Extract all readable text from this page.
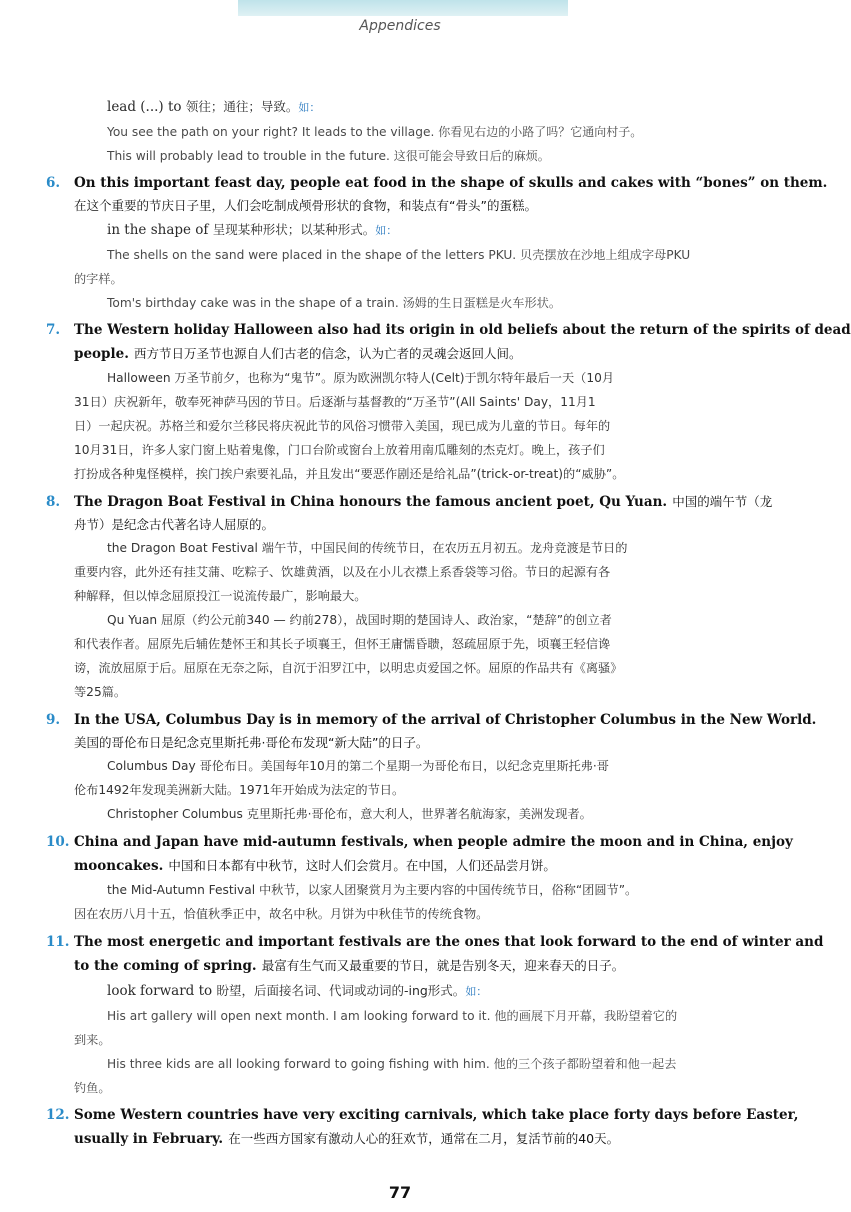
Appendices
lead (...) to 领往；通往；导致。如：
You see the path on your right? It leads to the village. 你看见右边的小路了吗？它通向村子。
This will probably lead to trouble in the future. 这很可能会导致日后的麻烦。
6.	On this important feast day, people eat food in the shape of skulls and cakes with “bones” on them.
在这个重要的节庆日子里，人们会吃制成颅骨形状的食物，和装点有“骨头”的蛋糕。
in the shape of 呈现某种形状；以某种形式。如：
The shells on the sand were placed in the shape of the letters PKU. 贝壳摆放在沙地上组成字母PKU
的字样。
Tom's birthday cake was in the shape of a train. 汤姆的生日蛋糕是火车形状。
7.	The Western holiday Halloween also had its origin in old beliefs about the return of the spirits of dead
people. 西方节日万圣节也源自人们古老的信念，认为亡者的灵魂会返回人间。
Halloween 万圣节前夕，也称为“鬼节”。原为欧洲凯尔特人(Celt)于凯尔特年最后一天（10月
31日）庆祝新年，敬奉死神萨马因的节日。后逐渐与基督教的“万圣节”(All Saints' Day，11月1
日）一起庆祝。苏格兰和爱尔兰移民将庆祝此节的风俗习惯带入美国，现已成为儿童的节日。每年的
10月31日，许多人家门窗上贴着鬼像，门口台阶或窗台上放着用南瓜雕刻的杰克灯。晚上，孩子们
打扮成各种鬼怪模样，挨门挨户索要礼品，并且发出“要恶作剧还是给礼品”(trick-or-treat)的“威胁”。
8.	The Dragon Boat Festival in China honours the famous ancient poet, Qu Yuan. 中国的端午节（龙
舟节）是纪念古代著名诗人屈原的。
the Dragon Boat Festival 端午节，中国民间的传统节日，在农历五月初五。龙舟竞渡是节日的
重要内容，此外还有挂艾蒲、吃粽子、饮雄黄酒，以及在小儿衣襟上系香袋等习俗。节日的起源有各
种解释，但以悼念屈原投江一说流传最广，影响最大。
Qu Yuan 屈原（约公元前340 — 约前278），战国时期的楚国诗人、政治家，“楚辞”的创立者
和代表作者。屈原先后辅佐楚怀王和其长子顷襄王，但怀王庸懦昏聩，怒疏屈原于先，顷襄王轻信谗
谤，流放屈原于后。屈原在无奈之际，自沉于汨罗江中，以明忠贞爱国之怀。屈原的作品共有《离骚》
等25篇。
9.	In the USA, Columbus Day is in memory of the arrival of Christopher Columbus in the New World.
美国的哥伦布日是纪念克里斯托弗·哥伦布发现“新大陆”的日子。
Columbus Day 哥伦布日。美国每年10月的第二个星期一为哥伦布日，以纪念克里斯托弗·哥
伦布1492年发现美洲新大陆。1971年开始成为法定的节日。
Christopher Columbus 克里斯托弗·哥伦布，意大利人，世界著名航海家，美洲发现者。
10. China and Japan have mid-autumn festivals, when people admire the moon and in China, enjoy
mooncakes. 中国和日本都有中秋节，这时人们会赏月。在中国，人们还品尝月饼。
the Mid-Autumn Festival 中秋节，以家人团聚赏月为主要内容的中国传统节日，俗称“团圆节”。
因在农历八月十五，恰值秋季正中，故名中秋。月饼为中秋佳节的传统食物。
11. The most energetic and important festivals are the ones that look forward to the end of winter and
to the coming of spring. 最富有生气而又最重要的节日，就是告别冬天，迎来春天的日子。
look forward to 盼望，后面接名词、代词或动词的-ing形式。如：
His art gallery will open next month. I am looking forward to it. 他的画展下月开幕，我盼望着它的
到来。
His three kids are all looking forward to going fishing with him. 他的三个孩子都盼望着和他一起去
钓鱼。
12. Some Western countries have very exciting carnivals, which take place forty days before Easter,
usually in February. 在一些西方国家有激动人心的狂欢节，通常在二月，复活节前的40天。
77
